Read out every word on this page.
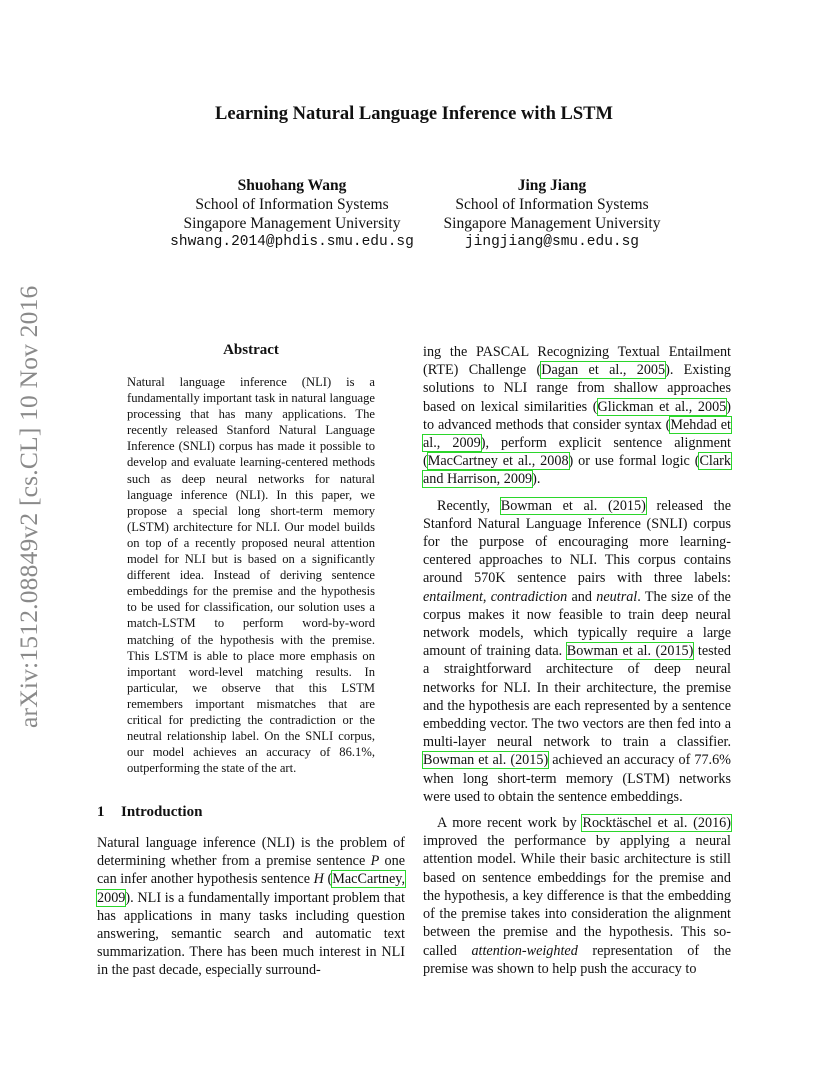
arXiv:1512.08849v2 [cs.CL] 10 Nov 2016
Learning Natural Language Inference with LSTM
Shuohang Wang
School of Information Systems
Singapore Management University
shwang.2014@phdis.smu.edu.sg
Jing Jiang
School of Information Systems
Singapore Management University
jingjiang@smu.edu.sg
Abstract
Natural language inference (NLI) is a fundamentally important task in natural language processing that has many applications. The recently released Stanford Natural Language Inference (SNLI) corpus has made it possible to develop and evaluate learning-centered methods such as deep neural networks for natural language inference (NLI). In this paper, we propose a special long short-term memory (LSTM) architecture for NLI. Our model builds on top of a recently proposed neural attention model for NLI but is based on a significantly different idea. Instead of deriving sentence embeddings for the premise and the hypothesis to be used for classification, our solution uses a match-LSTM to perform word-by-word matching of the hypothesis with the premise. This LSTM is able to place more emphasis on important word-level matching results. In particular, we observe that this LSTM remembers important mismatches that are critical for predicting the contradiction or the neutral relationship label. On the SNLI corpus, our model achieves an accuracy of 86.1%, outperforming the state of the art.
1 Introduction

Natural language inference (NLI) is the problem of determining whether from a premise sentence P one can infer another hypothesis sentence H (MacCartney, 2009). NLI is a fundamentally important problem that has applications in many tasks including question answering, semantic search and automatic text summarization. There has been much interest in NLI in the past decade, especially surround-

ing the PASCAL Recognizing Textual Entailment (RTE) Challenge (Dagan et al., 2005). Existing solutions to NLI range from shallow approaches based on lexical similarities (Glickman et al., 2005) to advanced methods that consider syntax (Mehdad et al., 2009), perform explicit sentence alignment (MacCartney et al., 2008) or use formal logic (Clark and Harrison, 2009).

Recently, Bowman et al. (2015) released the Stanford Natural Language Inference (SNLI) corpus for the purpose of encouraging more learning-centered approaches to NLI. This corpus contains around 570K sentence pairs with three labels: entailment, contradiction and neutral. The size of the corpus makes it now feasible to train deep neural network models, which typically require a large amount of training data. Bowman et al. (2015) tested a straightforward architecture of deep neural networks for NLI. In their architecture, the premise and the hypothesis are each represented by a sentence embedding vector. The two vectors are then fed into a multi-layer neural network to train a classifier. Bowman et al. (2015) achieved an accuracy of 77.6% when long short-term memory (LSTM) networks were used to obtain the sentence embeddings.

A more recent work by Rocktäschel et al. (2016) improved the performance by applying a neural attention model. While their basic architecture is still based on sentence embeddings for the premise and the hypothesis, a key difference is that the embedding of the premise takes into consideration the alignment between the premise and the hypothesis. This so-called attention-weighted representation of the premise was shown to help push the accuracy to
